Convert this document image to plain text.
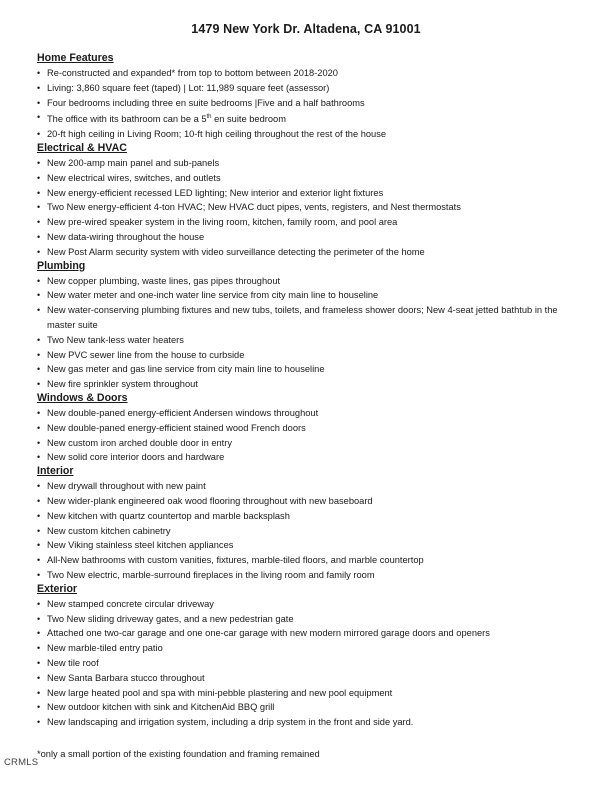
1479 New York Dr. Altadena, CA 91001
Home Features
• Re-constructed and expanded* from top to bottom between 2018-2020
• Living: 3,860 square feet (taped) | Lot: 11,989 square feet (assessor)
• Four bedrooms including three en suite bedrooms |Five and a half bathrooms
• The office with its bathroom can be a 5th en suite bedroom
• 20-ft high ceiling in Living Room; 10-ft high ceiling throughout the rest of the house
Electrical & HVAC
• New 200-amp main panel and sub-panels
• New electrical wires, switches, and outlets
• New energy-efficient recessed LED lighting; New interior and exterior light fixtures
• Two New energy-efficient 4-ton HVAC; New HVAC duct pipes, vents, registers, and Nest thermostats
• New pre-wired speaker system in the living room, kitchen, family room, and pool area
• New data-wiring throughout the house
• New Post Alarm security system with video surveillance detecting the perimeter of the home
Plumbing
• New copper plumbing, waste lines, gas pipes throughout
• New water meter and one-inch water line service from city main line to houseline
• New water-conserving plumbing fixtures and new tubs, toilets, and frameless shower doors; New 4-seat jetted bathtub in the master suite
• Two New tank-less water heaters
• New PVC sewer line from the house to curbside
• New gas meter and gas line service from city main line to houseline
• New fire sprinkler system throughout
Windows & Doors
• New double-paned energy-efficient Andersen windows throughout
• New double-paned energy-efficient stained wood French doors
• New custom iron arched double door in entry
• New solid core interior doors and hardware
Interior
• New drywall throughout with new paint
• New wider-plank engineered oak wood flooring throughout with new baseboard
• New kitchen with quartz countertop and marble backsplash
• New custom kitchen cabinetry
• New Viking stainless steel kitchen appliances
• All-New bathrooms with custom vanities, fixtures, marble-tiled floors, and marble countertop
• Two New electric, marble-surround fireplaces in the living room and family room
Exterior
• New stamped concrete circular driveway
• Two New sliding driveway gates, and a new pedestrian gate
• Attached one two-car garage and one one-car garage with new modern mirrored garage doors and openers
• New marble-tiled entry patio
• New tile roof
• New Santa Barbara stucco throughout
• New large heated pool and spa with mini-pebble plastering and new pool equipment
• New outdoor kitchen with sink and KitchenAid BBQ grill
• New landscaping and irrigation system, including a drip system in the front and side yard.
*only a small portion of the existing foundation and framing remained
CRMLS
